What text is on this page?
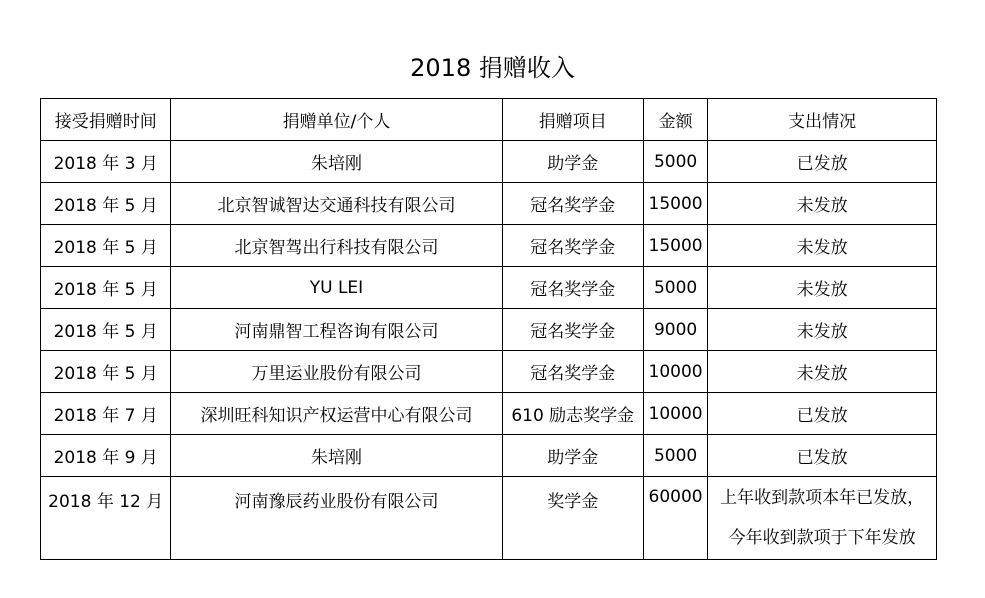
2018 捐赠收入
接受捐赠时间	捐赠单位/个人	捐赠项目	金额	支出情况
2018 年 3 月	朱培刚	助学金	5000	已发放
2018 年 5 月	北京智诚智达交通科技有限公司	冠名奖学金	15000	未发放
2018 年 5 月	北京智驾出行科技有限公司	冠名奖学金	15000	未发放
2018 年 5 月	YU LEI	冠名奖学金	5000	未发放
2018 年 5 月	河南鼎智工程咨询有限公司	冠名奖学金	9000	未发放
2018 年 5 月	万里运业股份有限公司	冠名奖学金	10000	未发放
2018 年 7 月	深圳旺科知识产权运营中心有限公司	610 励志奖学金	10000	已发放
2018 年 9 月	朱培刚	助学金	5000	已发放
2018 年 12 月	河南豫辰药业股份有限公司	奖学金	60000	上年收到款项本年已发放，
今年收到款项于下年发放
